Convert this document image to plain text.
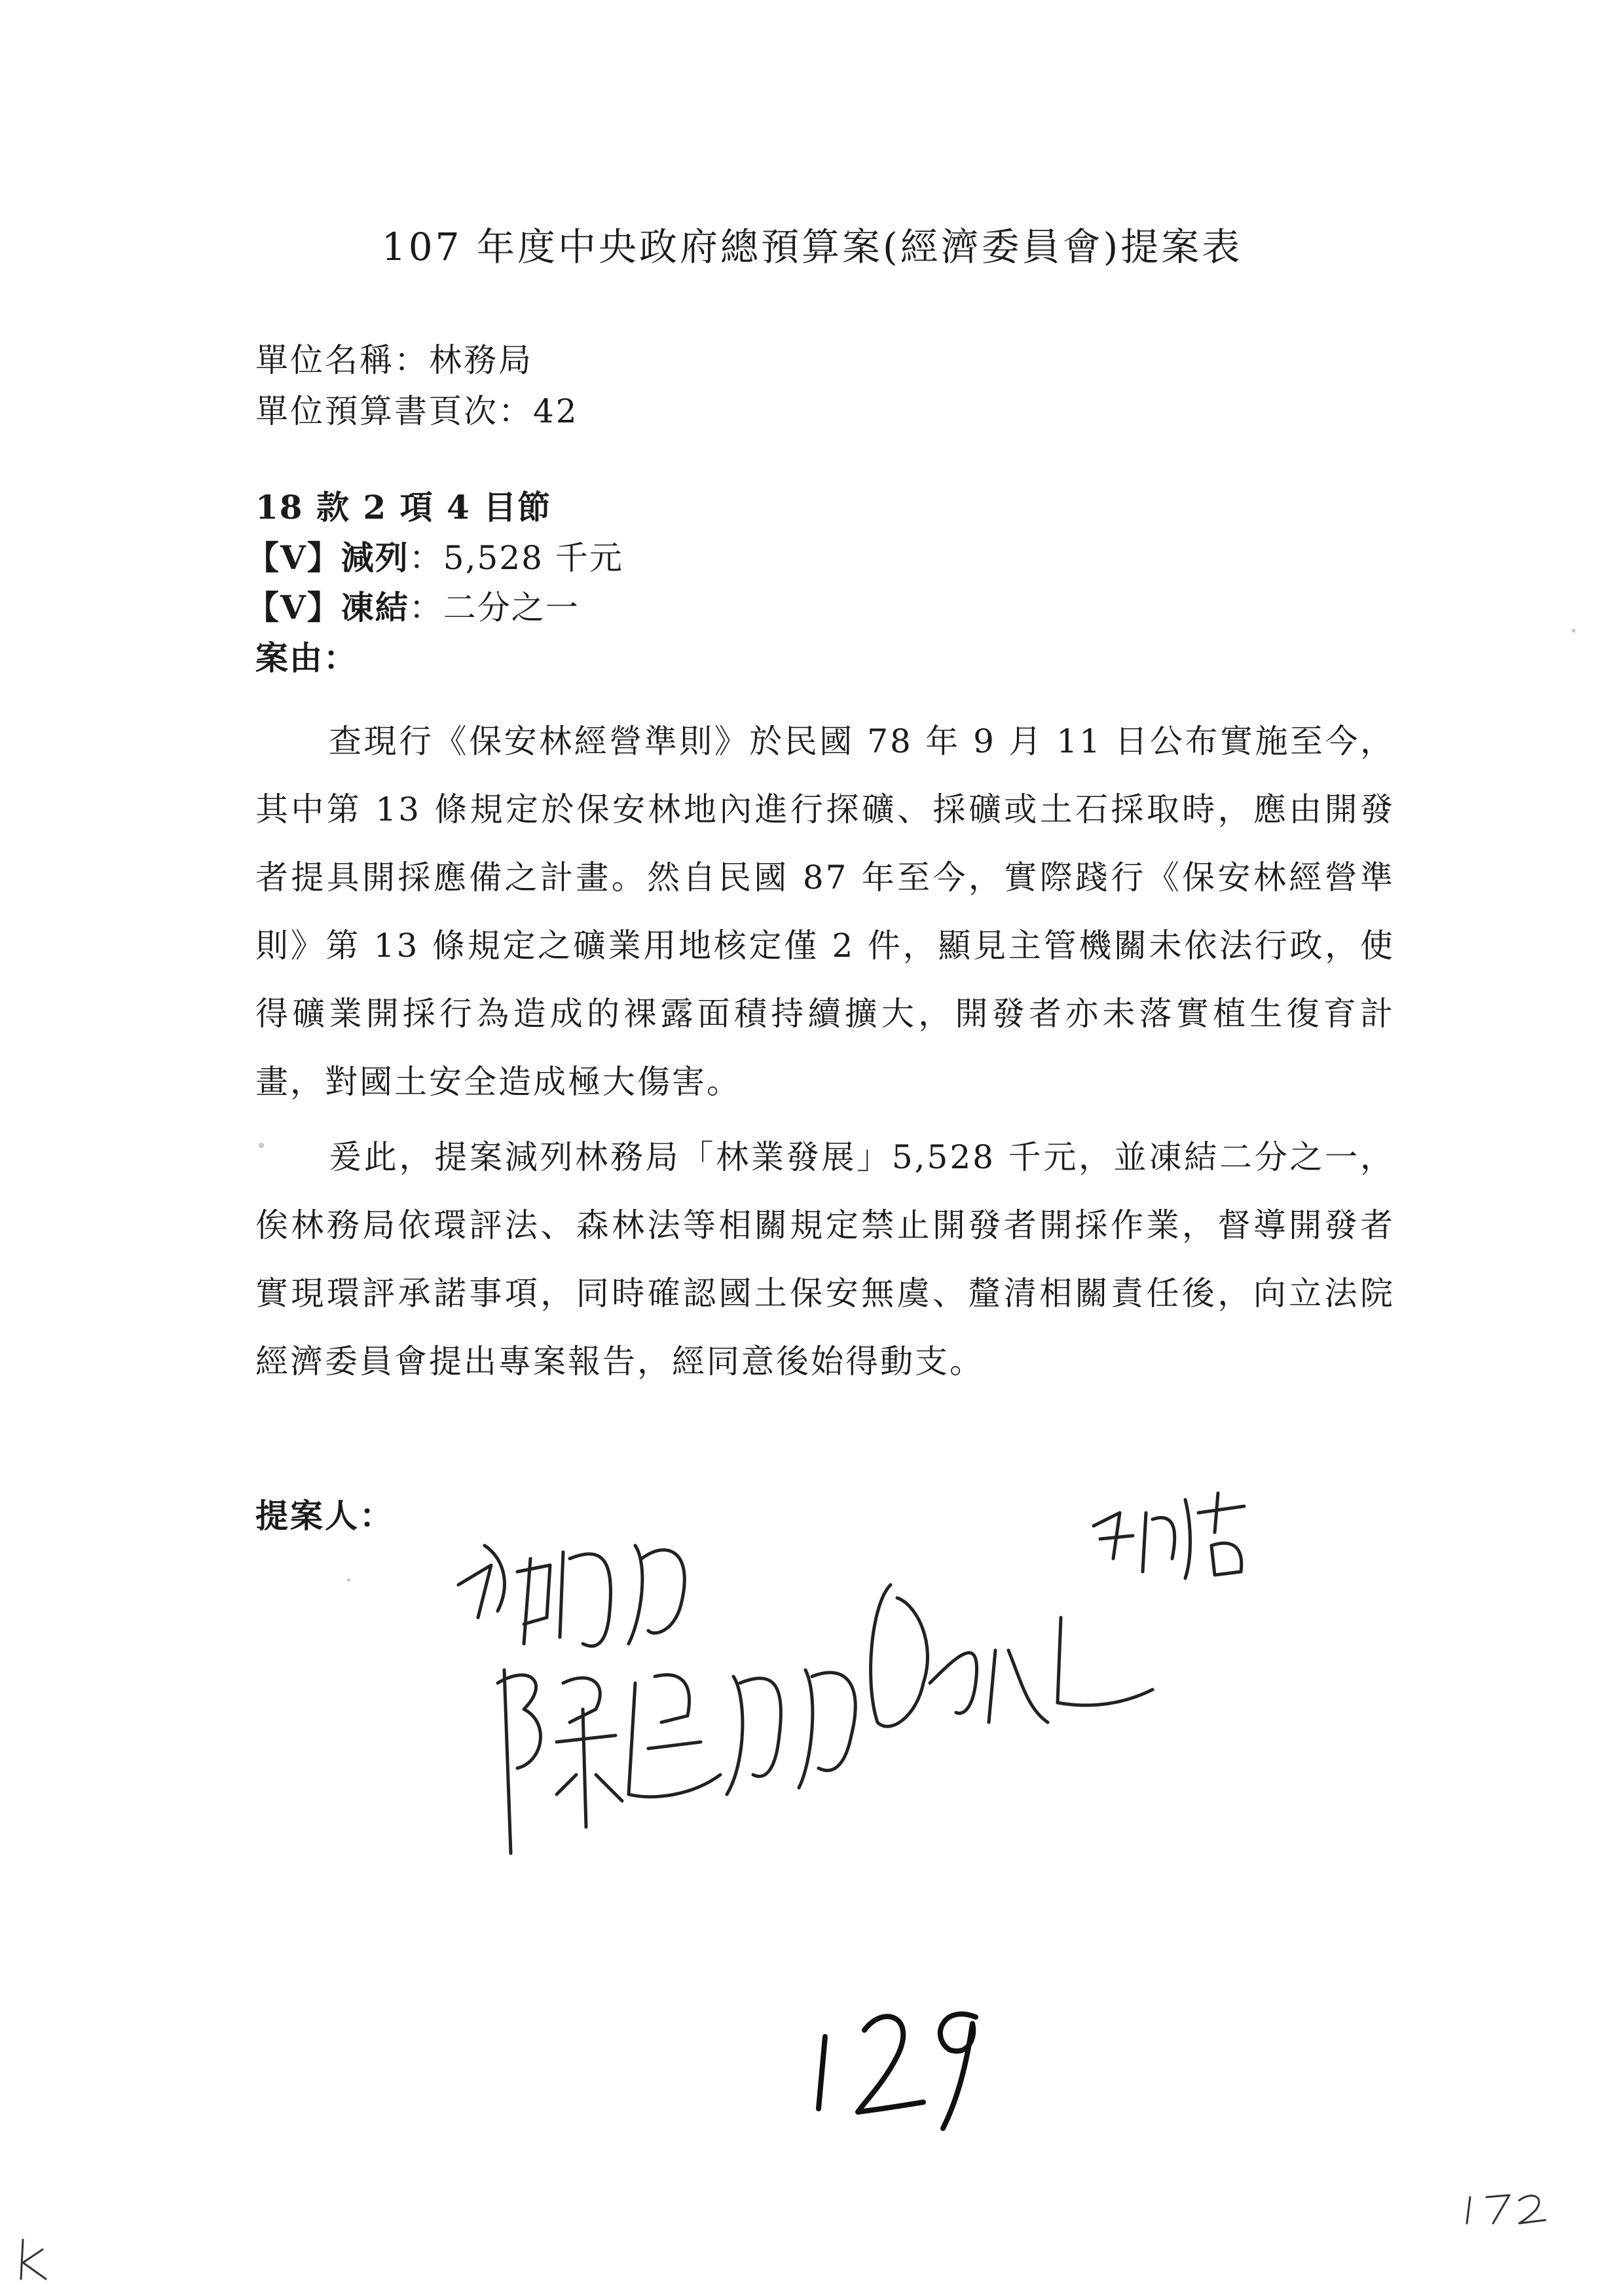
107 年度中央政府總預算案(經濟委員會)提案表
單位名稱：林務局
單位預算書頁次：42
18 款 2 項 4 目節
【V】減列：5,528 千元
【V】凍結：二分之一
案由：
查現行《保安林經營準則》於民國 78 年 9 月 11 日公布實施至今，其中第 13 條規定於保安林地內進行探礦、採礦或土石採取時，應由開發者提具開採應備之計畫。然自民國 87 年至今，實際踐行《保安林經營準則》第 13 條規定之礦業用地核定僅 2 件，顯見主管機關未依法行政，使得礦業開採行為造成的裸露面積持續擴大，開發者亦未落實植生復育計畫，對國土安全造成極大傷害。
爰此，提案減列林務局「林業發展」5,528 千元，並凍結二分之一，俟林務局依環評法、森林法等相關規定禁止開發者開採作業，督導開發者實現環評承諾事項，同時確認國土保安無虞、釐清相關責任後，向立法院經濟委員會提出專案報告，經同意後始得動支。
提案人：
